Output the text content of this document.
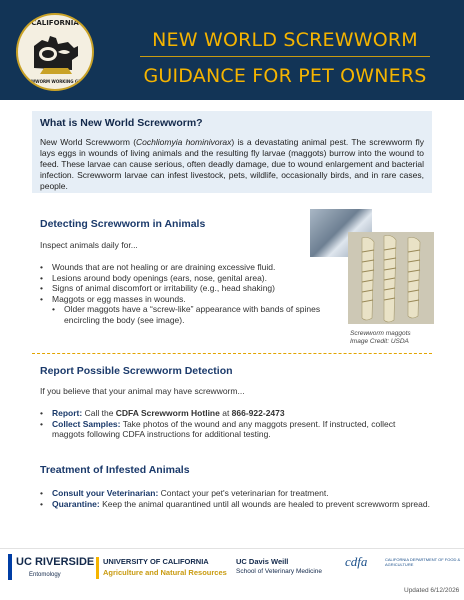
CALIFORNIA
SCREWWORM WORKING GROUP
NEW WORLD SCREWWORM
GUIDANCE FOR PET OWNERS
What is New World Screwworm?

New World Screwworm (Cochliomyia hominivorax) is a devastating animal pest. The screwworm fly lays eggs in wounds of living animals and the resulting fly larvae (maggots) burrow into the wound to feed. These larvae can cause serious, often deadly damage, due to wound enlargement and bacterial infection. Screwworm larvae can infest livestock, pets, wildlife, occasionally birds, and in rare cases, people.

Detecting Screwworm in Animals
Inspect animals daily for...
• Wounds that are not healing or are draining excessive fluid.
• Lesions around body openings (ears, nose, genital area).
• Signs of animal discomfort or irritability (e.g., head shaking)
• Maggots or egg masses in wounds.
• Older maggots have a “screw-like” appearance with bands of spines encircling the body (see image).
Screwworm maggots
Image Credit: USDA
Report Possible Screwworm Detection
If you believe that your animal may have screwworm...
• Report: Call the CDFA Screwworm Hotline at 866-922-2473
• Collect Samples: Take photos of the wound and any maggots present. If instructed, collect maggots following CDFA instructions for additional testing.
Treatment of Infested Animals
• Consult your Veterinarian: Contact your pet's veterinarian for treatment.
• Quarantine: Keep the animal quarantined until all wounds are healed to prevent screwworm spread.
UC RIVERSIDE
Entomology
UNIVERSITY OF CALIFORNIA
Agriculture and Natural Resources
UC Davis Weill
School of Veterinary Medicine
cdfa	CALIFORNIA DEPARTMENT OF FOOD & AGRICULTURE
Updated 6/12/2026
